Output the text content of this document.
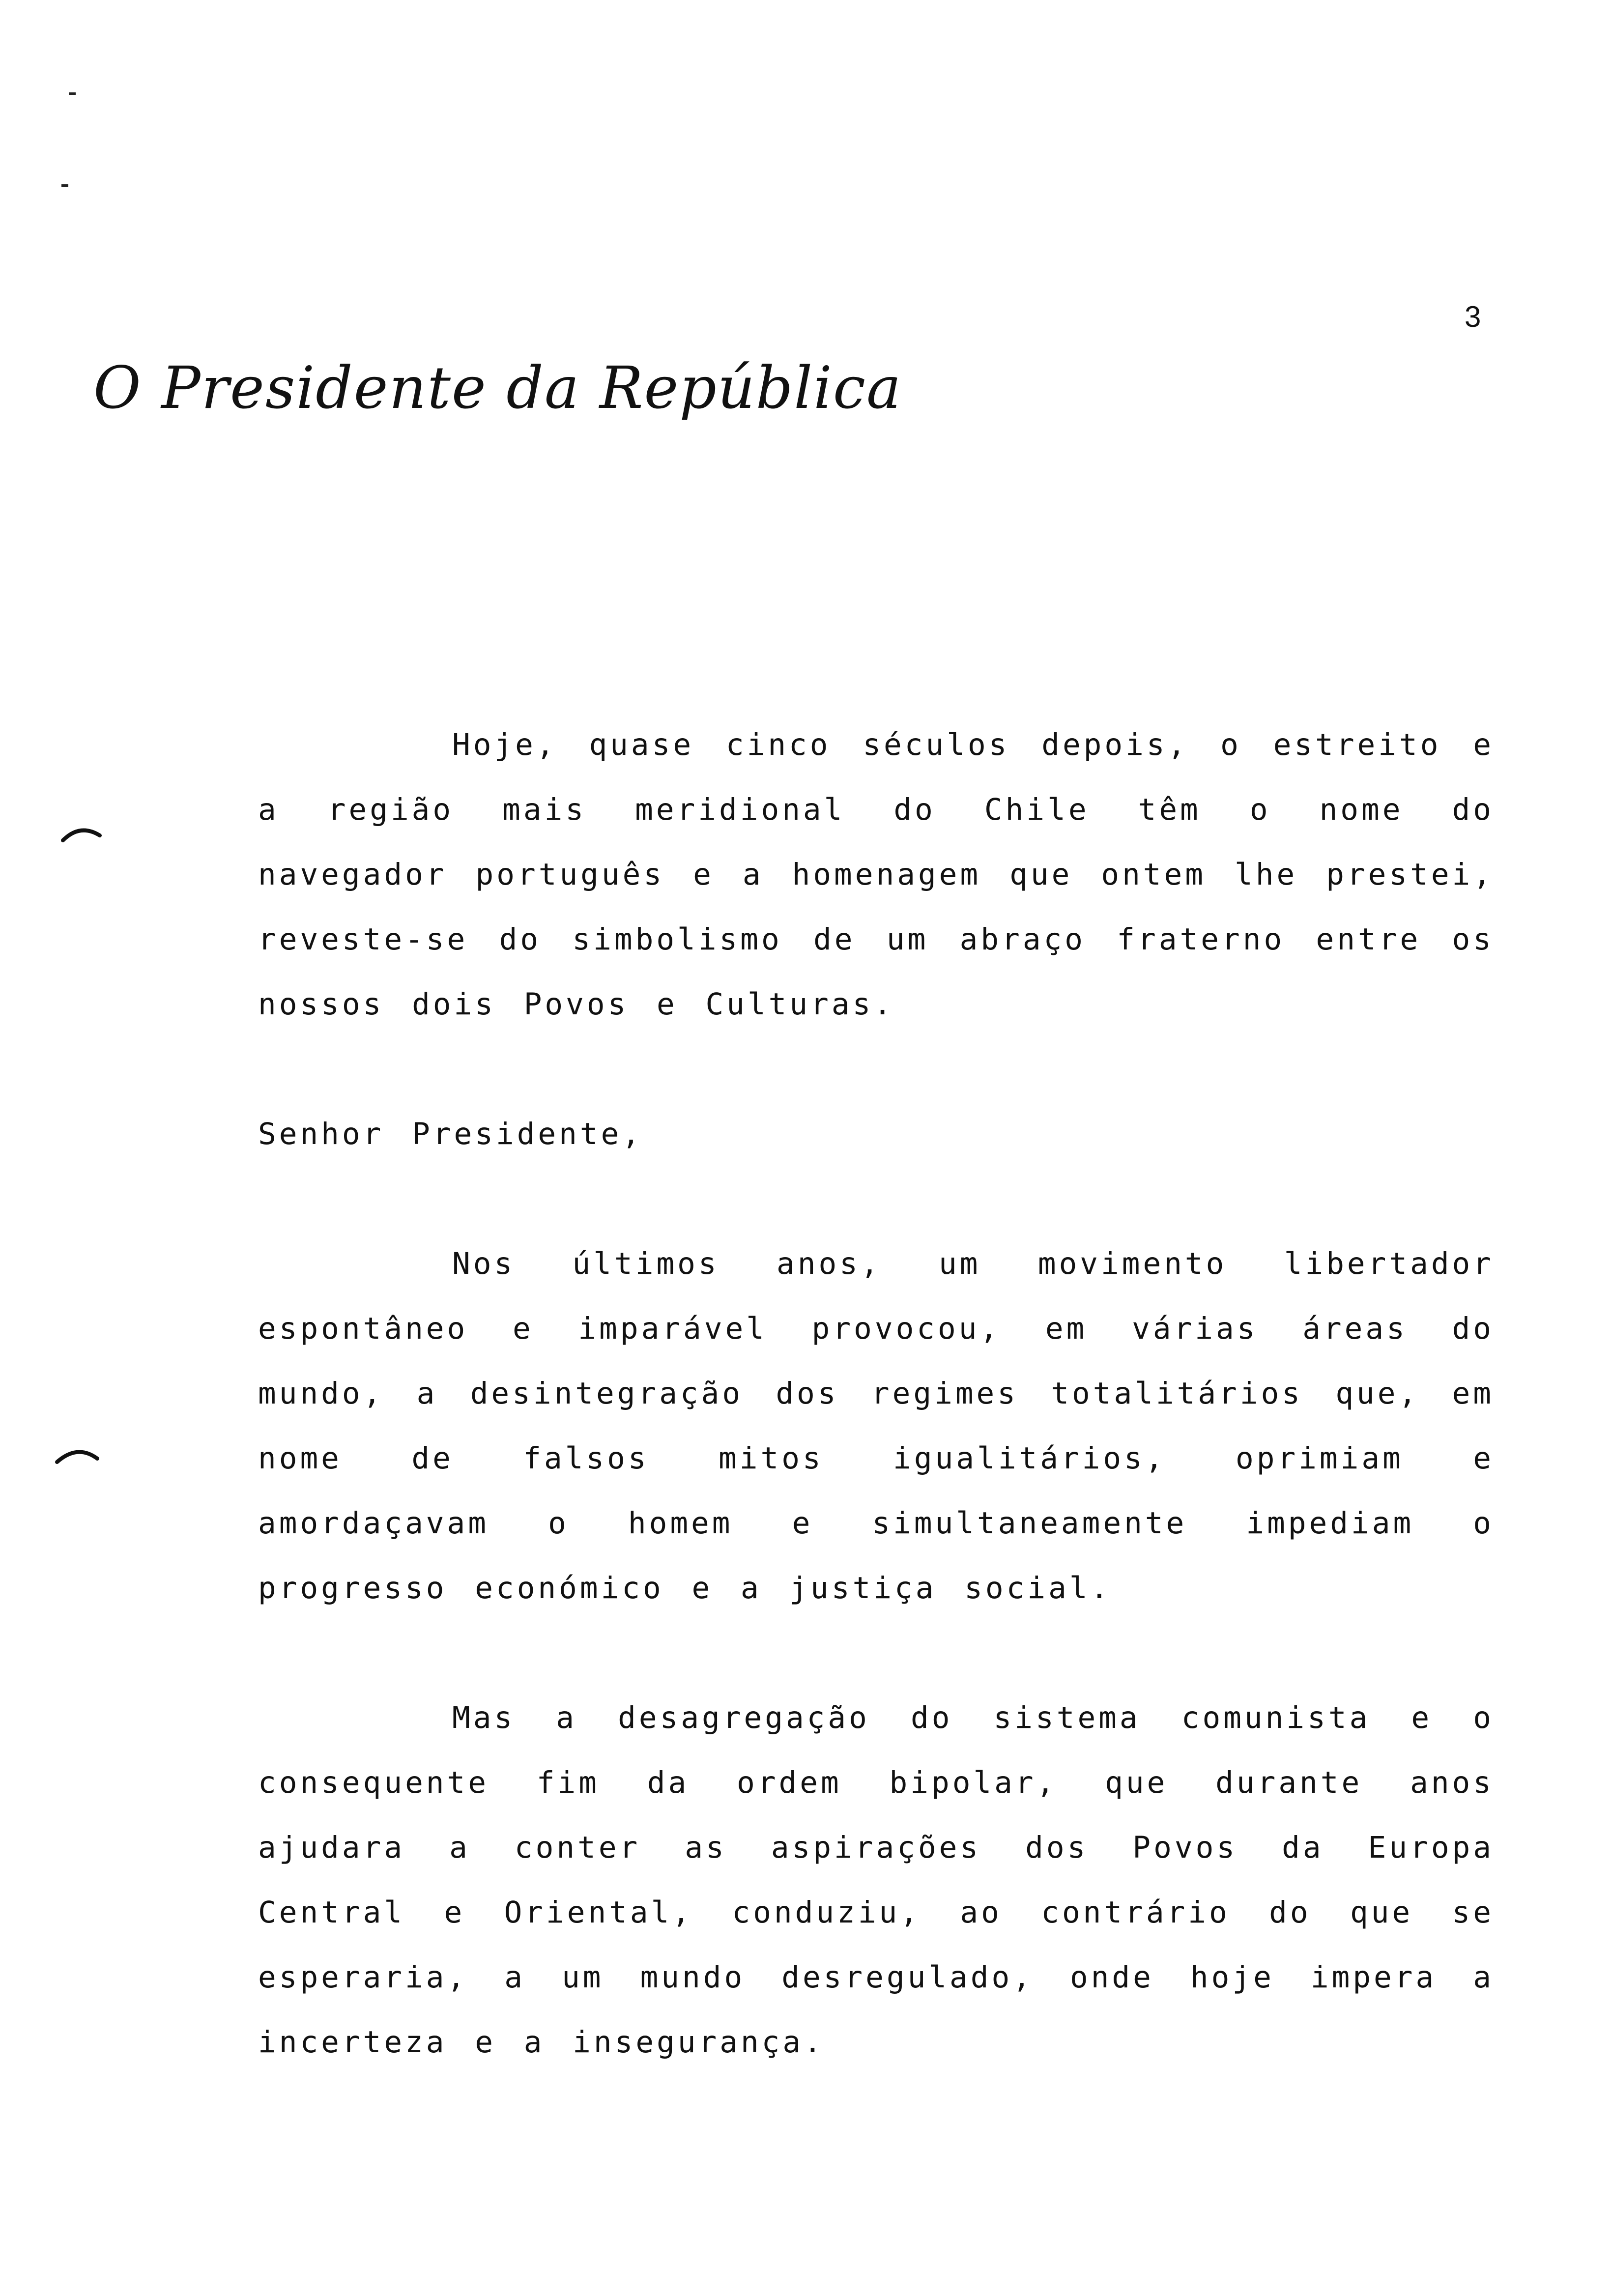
3
O Presidente da República

Hoje, quase cinco séculos depois, o estreito e a região mais meridional do Chile têm o nome do navegador português e a homenagem que ontem lhe prestei, reveste-se do simbolismo de um abraço fraterno entre os nossos dois Povos e Culturas.

Senhor Presidente,

Nos últimos anos, um movimento libertador espontâneo e imparável provocou, em várias áreas do mundo, a desintegração dos regimes totalitários que, em nome de falsos mitos igualitários, oprimiam e amordaçavam o homem e simultaneamente impediam o progresso económico e a justiça social.

Mas a desagregação do sistema comunista e o consequente fim da ordem bipolar, que durante anos ajudara a conter as aspirações dos Povos da Europa Central e Oriental, conduziu, ao contrário do que se esperaria, a um mundo desregulado, onde hoje impera a incerteza e a insegurança.
